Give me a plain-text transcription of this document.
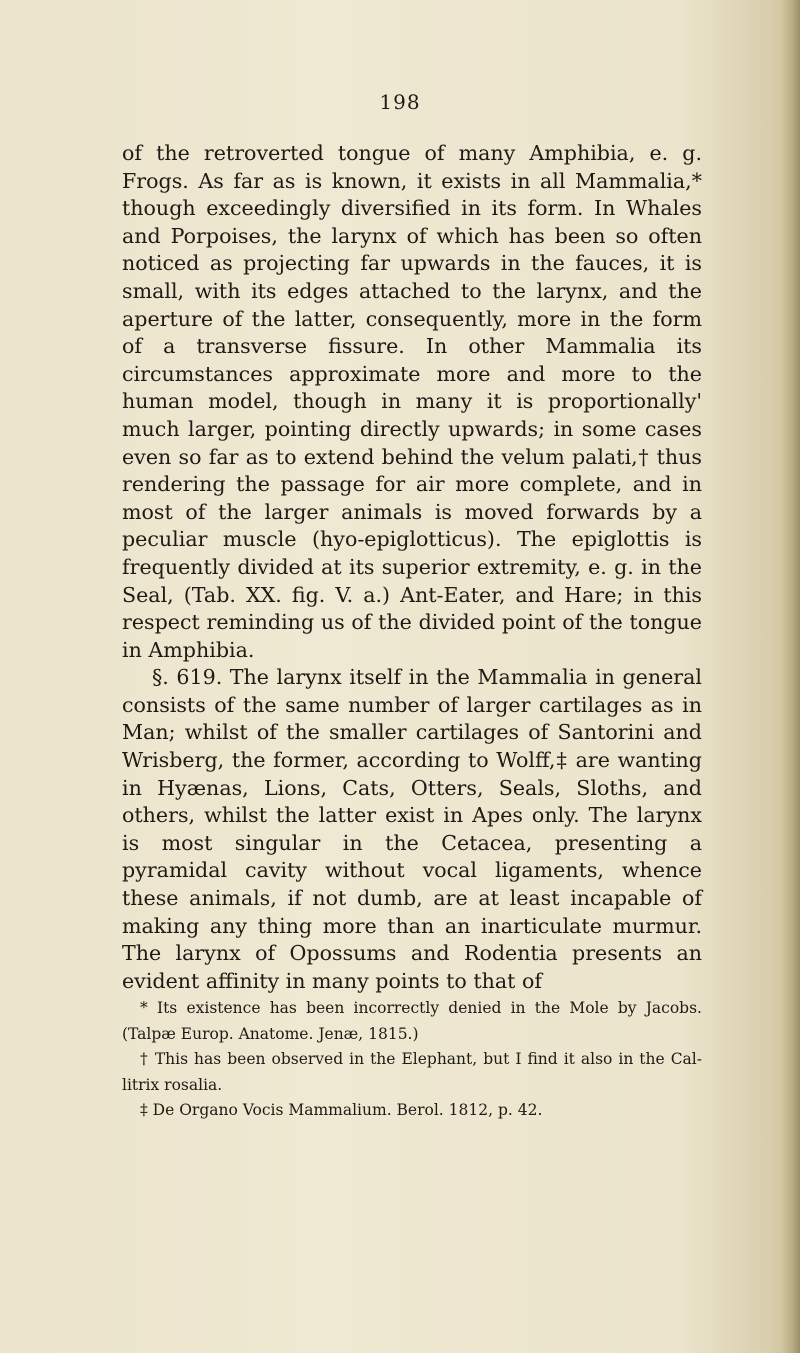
198

of the retroverted tongue of many Amphibia, e. g. Frogs. As far as is known, it exists in all Mammalia,* though exceedingly diversified in its form. In Whales and Porpoises, the larynx of which has been so often noticed as projecting far upwards in the fauces, it is small, with its edges attached to the larynx, and the aperture of the latter, consequently, more in the form of a transverse fissure. In other Mammalia its circumstances approximate more and more to the human model, though in many it is proportionally' much larger, pointing directly upwards; in some cases even so far as to extend behind the velum palati,† thus rendering the passage for air more complete, and in most of the larger animals is moved forwards by a peculiar muscle (hyo-epiglotticus). The epiglottis is frequently divided at its superior extremity, e. g. in the Seal, (Tab. XX. fig. V. a.) Ant-Eater, and Hare; in this respect reminding us of the divided point of the tongue in Amphibia.

§. 619. The larynx itself in the Mammalia in general consists of the same number of larger cartilages as in Man; whilst of the smaller cartilages of Santorini and Wrisberg, the former, according to Wolff,‡ are wanting in Hyænas, Lions, Cats, Otters, Seals, Sloths, and others, whilst the latter exist in Apes only. The larynx is most singular in the Cetacea, presenting a pyramidal cavity without vocal ligaments, whence these animals, if not dumb, are at least incapable of making any thing more than an inarticulate murmur. The larynx of Opossums and Rodentia presents an evident affinity in many points to that of

* Its existence has been incorrectly denied in the Mole by Jacobs. (Talpæ Europ. Anatome. Jenæ, 1815.)

† This has been observed in the Elephant, but I find it also in the Cal-litrix rosalia.

‡ De Organo Vocis Mammalium. Berol. 1812, p. 42.
